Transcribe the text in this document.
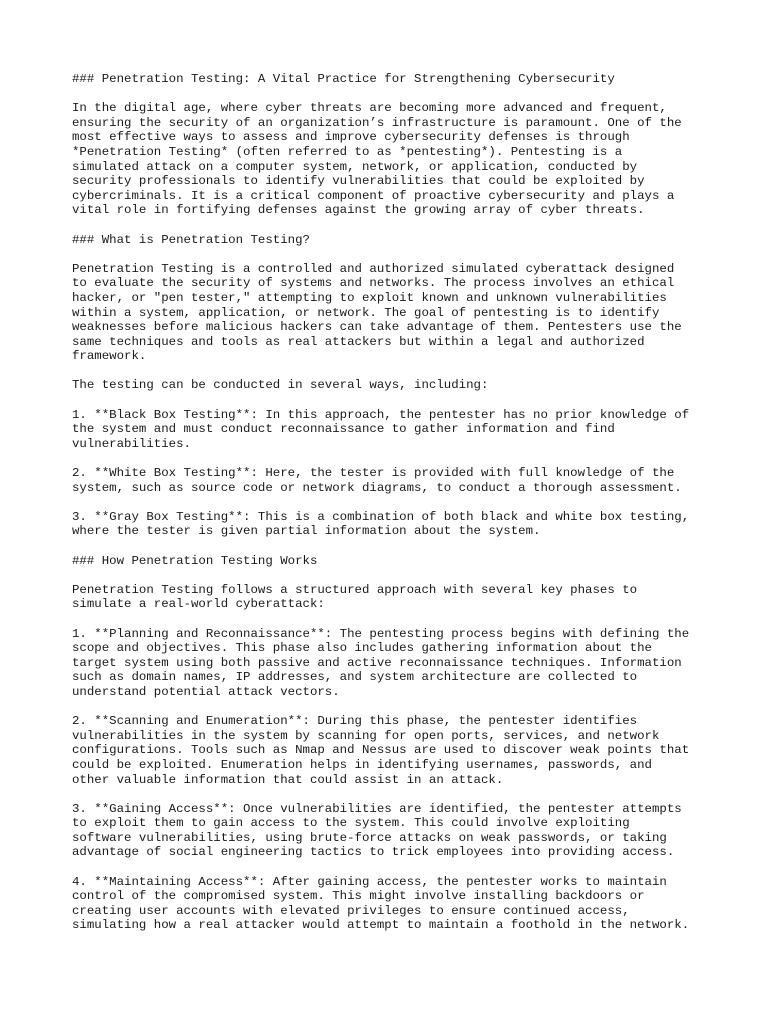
### Penetration Testing: A Vital Practice for Strengthening Cybersecurity

In the digital age, where cyber threats are becoming more advanced and frequent,
ensuring the security of an organization’s infrastructure is paramount. One of the
most effective ways to assess and improve cybersecurity defenses is through
*Penetration Testing* (often referred to as *pentesting*). Pentesting is a
simulated attack on a computer system, network, or application, conducted by
security professionals to identify vulnerabilities that could be exploited by
cybercriminals. It is a critical component of proactive cybersecurity and plays a
vital role in fortifying defenses against the growing array of cyber threats.

### What is Penetration Testing?

Penetration Testing is a controlled and authorized simulated cyberattack designed
to evaluate the security of systems and networks. The process involves an ethical
hacker, or "pen tester," attempting to exploit known and unknown vulnerabilities
within a system, application, or network. The goal of pentesting is to identify
weaknesses before malicious hackers can take advantage of them. Pentesters use the
same techniques and tools as real attackers but within a legal and authorized
framework.

The testing can be conducted in several ways, including:

1. **Black Box Testing**: In this approach, the pentester has no prior knowledge of
the system and must conduct reconnaissance to gather information and find
vulnerabilities.

2. **White Box Testing**: Here, the tester is provided with full knowledge of the
system, such as source code or network diagrams, to conduct a thorough assessment.

3. **Gray Box Testing**: This is a combination of both black and white box testing,
where the tester is given partial information about the system.

### How Penetration Testing Works

Penetration Testing follows a structured approach with several key phases to
simulate a real-world cyberattack:

1. **Planning and Reconnaissance**: The pentesting process begins with defining the
scope and objectives. This phase also includes gathering information about the
target system using both passive and active reconnaissance techniques. Information
such as domain names, IP addresses, and system architecture are collected to
understand potential attack vectors.

2. **Scanning and Enumeration**: During this phase, the pentester identifies
vulnerabilities in the system by scanning for open ports, services, and network
configurations. Tools such as Nmap and Nessus are used to discover weak points that
could be exploited. Enumeration helps in identifying usernames, passwords, and
other valuable information that could assist in an attack.

3. **Gaining Access**: Once vulnerabilities are identified, the pentester attempts
to exploit them to gain access to the system. This could involve exploiting
software vulnerabilities, using brute-force attacks on weak passwords, or taking
advantage of social engineering tactics to trick employees into providing access.

4. **Maintaining Access**: After gaining access, the pentester works to maintain
control of the compromised system. This might involve installing backdoors or
creating user accounts with elevated privileges to ensure continued access,
simulating how a real attacker would attempt to maintain a foothold in the network.
